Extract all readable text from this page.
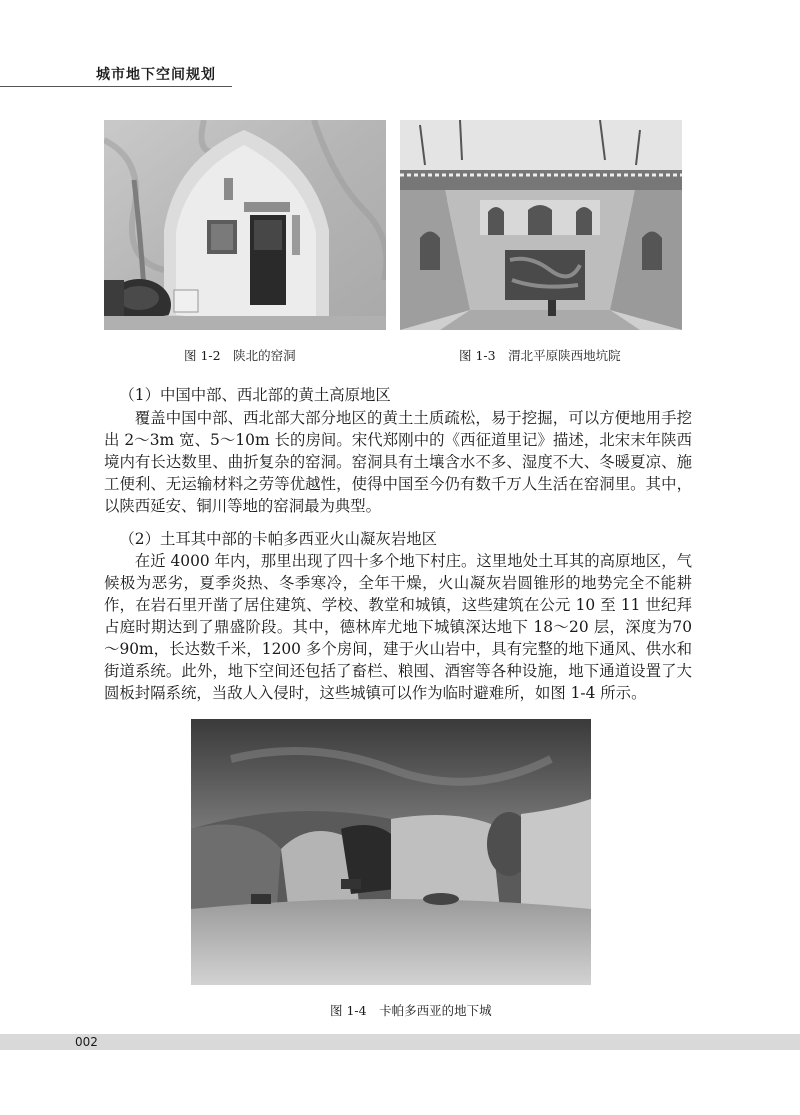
城市地下空间规划
图 1-2　陕北的窑洞	图 1-3　渭北平原陕西地坑院
（1）中国中部、西北部的黄土高原地区

覆盖中国中部、西北部大部分地区的黄土土质疏松，易于挖掘，可以方便地用手挖出 2～3m 宽、5～10m 长的房间。宋代郑刚中的《西征道里记》描述，北宋末年陕西境内有长达数里、曲折复杂的窑洞。窑洞具有土壤含水不多、湿度不大、冬暖夏凉、施工便利、无运输材料之劳等优越性，使得中国至今仍有数千万人生活在窑洞里。其中，以陕西延安、铜川等地的窑洞最为典型。

（2）土耳其中部的卡帕多西亚火山凝灰岩地区

在近 4000 年内，那里出现了四十多个地下村庄。这里地处土耳其的高原地区，气候极为恶劣，夏季炎热、冬季寒冷，全年干燥，火山凝灰岩圆锥形的地势完全不能耕作，在岩石里开凿了居住建筑、学校、教堂和城镇，这些建筑在公元 10 至 11 世纪拜占庭时期达到了鼎盛阶段。其中，德林库尤地下城镇深达地下 18～20 层，深度为70～90m，长达数千米，1200 多个房间，建于火山岩中，具有完整的地下通风、供水和街道系统。此外，地下空间还包括了畜栏、粮囤、酒窖等各种设施，地下通道设置了大圆板封隔系统，当敌人入侵时，这些城镇可以作为临时避难所，如图 1-4 所示。

图 1-4　卡帕多西亚的地下城
002
